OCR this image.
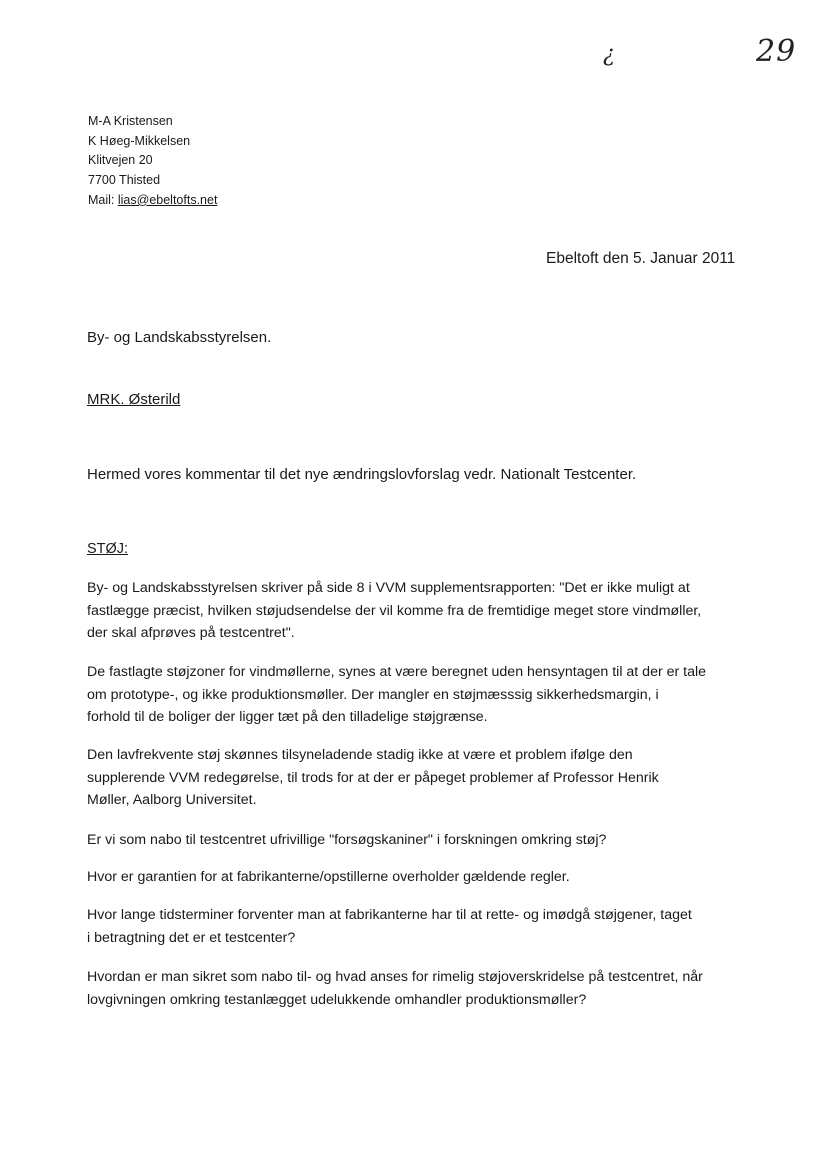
¿	29
M-A Kristensen
K Høeg-Mikkelsen
Klitvejen 20
7700 Thisted
Mail: lias@ebeltofts.net
Ebeltoft den 5. Januar 2011
By- og Landskabsstyrelsen.
MRK. Østerild
Hermed vores kommentar til det nye ændringslovforslag vedr. Nationalt Testcenter.
STØJ:
By- og Landskabsstyrelsen skriver på side 8 i VVM supplementsrapporten: "Det er ikke muligt at
fastlægge præcist, hvilken støjudsendelse der vil komme fra de fremtidige meget store vindmøller,
der skal afprøves på testcentret".
De fastlagte støjzoner for vindmøllerne, synes at være beregnet uden hensyntagen til at der er tale
om prototype-, og ikke produktionsmøller. Der mangler en støjmæsssig sikkerhedsmargin, i
forhold til de boliger der ligger tæt på den tilladelige støjgrænse.
Den lavfrekvente støj skønnes tilsyneladende stadig ikke at være et problem ifølge den
supplerende VVM redegørelse, til trods for at der er påpeget problemer af Professor Henrik
Møller, Aalborg Universitet.
Er vi som nabo til testcentret ufrivillige "forsøgskaniner" i forskningen omkring støj?
Hvor er garantien for at fabrikanterne/opstillerne overholder gældende regler.
Hvor lange tidsterminer forventer man at fabrikanterne har til at rette- og imødgå støjgener, taget
i betragtning det er et testcenter?
Hvordan er man sikret som nabo til- og hvad anses for rimelig støjoverskridelse på testcentret, når
lovgivningen omkring testanlægget udelukkende omhandler produktionsmøller?
